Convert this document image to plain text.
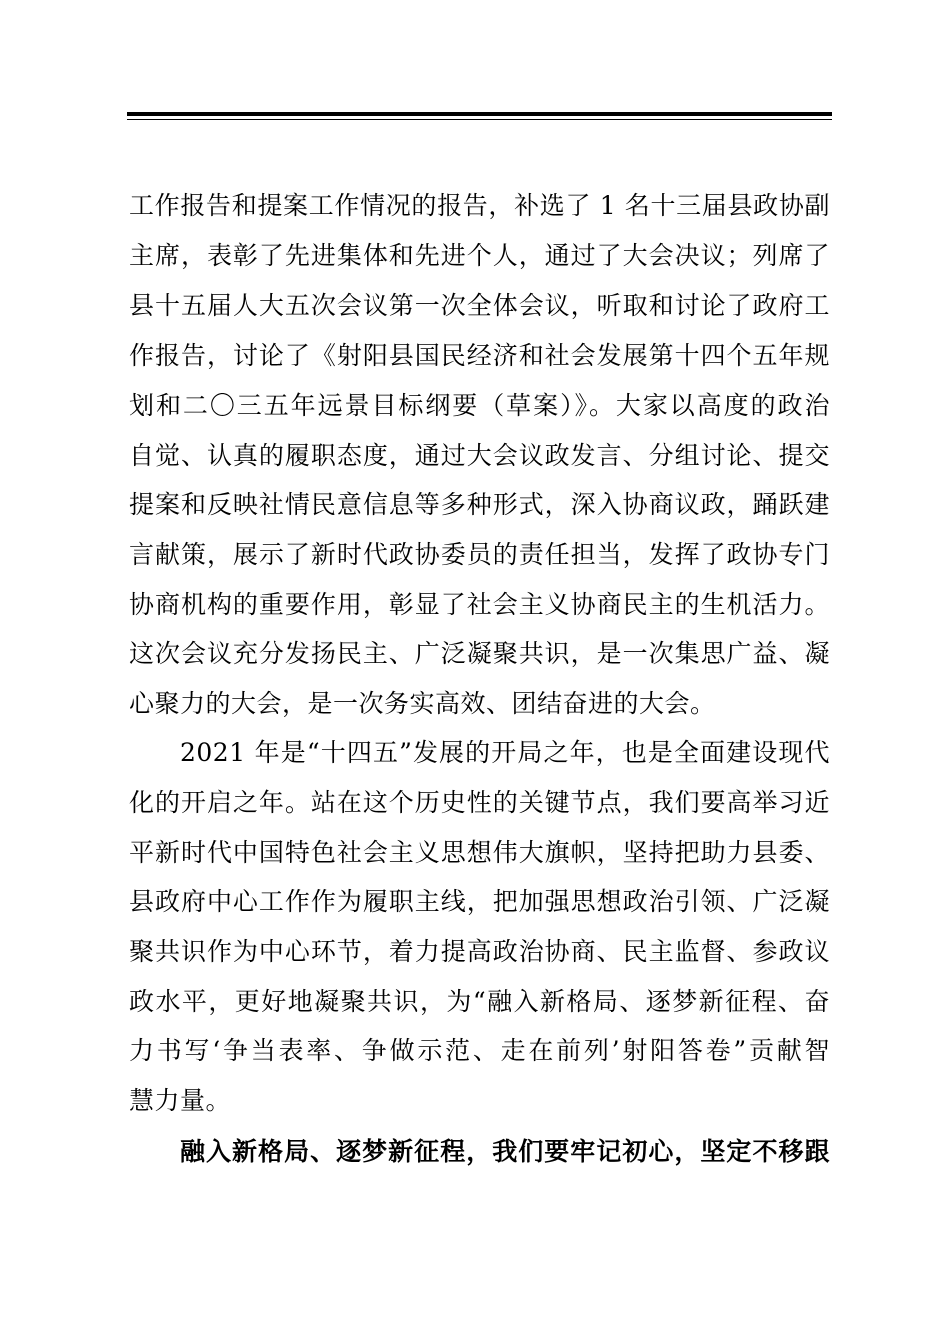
工作报告和提案工作情况的报告，补选了 1 名十三届县政协副
主席，表彰了先进集体和先进个人，通过了大会决议；列席了
县十五届人大五次会议第一次全体会议，听取和讨论了政府工
作报告，讨论了《射阳县国民经济和社会发展第十四个五年规
划和二〇三五年远景目标纲要（草案）》。大家以高度的政治
自觉、认真的履职态度，通过大会议政发言、分组讨论、提交
提案和反映社情民意信息等多种形式，深入协商议政，踊跃建
言献策，展示了新时代政协委员的责任担当，发挥了政协专门
协商机构的重要作用，彰显了社会主义协商民主的生机活力。
这次会议充分发扬民主、广泛凝聚共识，是一次集思广益、凝
心聚力的大会，是一次务实高效、团结奋进的大会。
2021 年是“十四五”发展的开局之年，也是全面建设现代
化的开启之年。站在这个历史性的关键节点，我们要高举习近
平新时代中国特色社会主义思想伟大旗帜，坚持把助力县委、
县政府中心工作作为履职主线，把加强思想政治引领、广泛凝
聚共识作为中心环节，着力提高政治协商、民主监督、参政议
政水平，更好地凝聚共识，为“融入新格局、逐梦新征程、奋
力书写‘争当表率、争做示范、走在前列’射阳答卷”贡献智
慧力量。
融入新格局、逐梦新征程，我们要牢记初心，坚定不移跟
